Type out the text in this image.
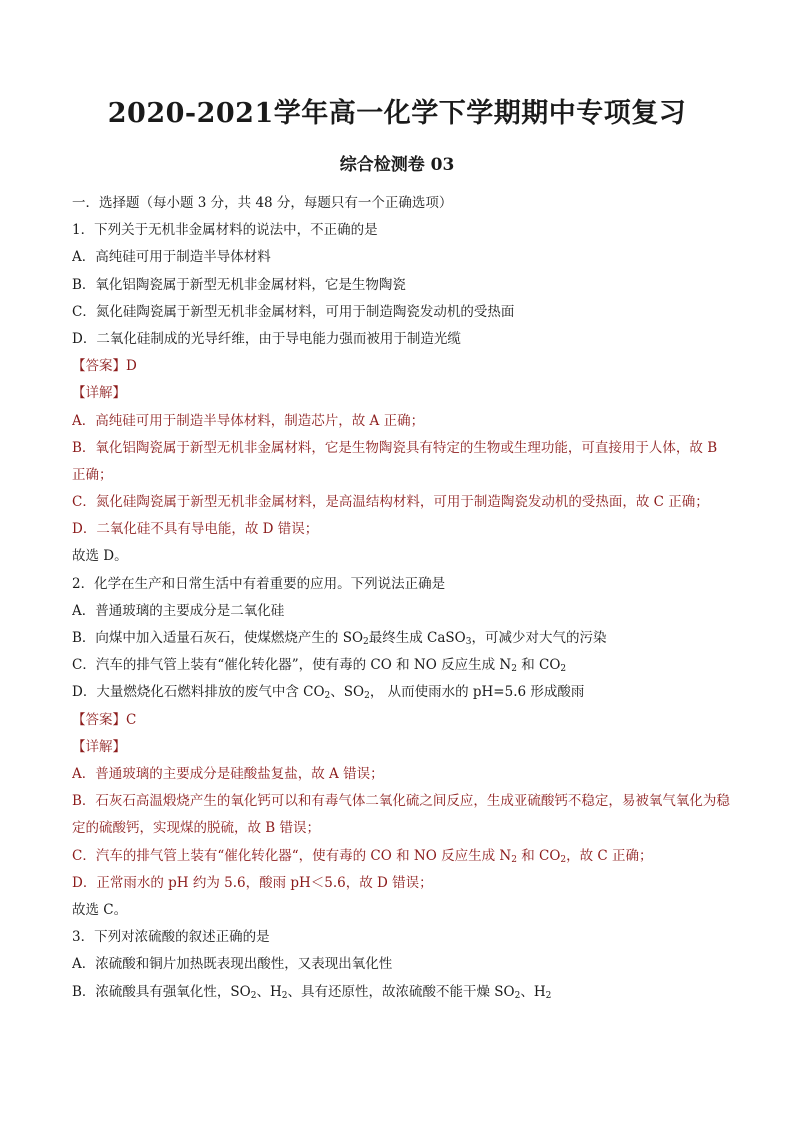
2020-2021学年高一化学下学期期中专项复习
综合检测卷 03
一．选择题（每小题 3 分，共 48 分，每题只有一个正确选项）
1．下列关于无机非金属材料的说法中，不正确的是
A．高纯硅可用于制造半导体材料
B．氧化铝陶瓷属于新型无机非金属材料，它是生物陶瓷
C．氮化硅陶瓷属于新型无机非金属材料，可用于制造陶瓷发动机的受热面
D．二氧化硅制成的光导纤维，由于导电能力强而被用于制造光缆
【答案】D
【详解】
A．高纯硅可用于制造半导体材料，制造芯片，故 A 正确；
B．氧化铝陶瓷属于新型无机非金属材料，它是生物陶瓷具有特定的生物或生理功能，可直接用于人体，故 B 正确；
C．氮化硅陶瓷属于新型无机非金属材料，是高温结构材料，可用于制造陶瓷发动机的受热面，故 C 正确；
D．二氧化硅不具有导电能，故 D 错误；
故选 D。
2．化学在生产和日常生活中有着重要的应用。下列说法正确是
A．普通玻璃的主要成分是二氧化硅
B．向煤中加入适量石灰石，使煤燃烧产生的 $SO_2$最终生成 CaSO$_3$，可减少对大气的污染
C．汽车的排气管上装有“催化转化器”，使有毒的 CO 和 NO 反应生成 $N_2$ 和 $CO_2$
D．大量燃烧化石燃料排放的废气中含 $CO_2$、$SO_2$， 从而使雨水的 pH=5.6 形成酸雨
【答案】C
【详解】
A．普通玻璃的主要成分是硅酸盐复盐，故 A 错误；
B．石灰石高温煅烧产生的氧化钙可以和有毒气体二氧化硫之间反应，生成亚硫酸钙不稳定，易被氧气氧化为稳定的硫酸钙，实现煤的脱硫，故 B 错误；
C．汽车的排气管上装有“催化转化器“，使有毒的 CO 和 NO 反应生成 $N_2$ 和 $CO_2$，故 C 正确；
D．正常雨水的 pH 约为 5.6，酸雨 pH＜5.6，故 D 错误；
故选 C。
3．下列对浓硫酸的叙述正确的是
A．浓硫酸和铜片加热既表现出酸性，又表现出氧化性
B．浓硫酸具有强氧化性，$SO_2$、$H_2$、具有还原性，故浓硫酸不能干燥 $SO_2$、$H_2$
